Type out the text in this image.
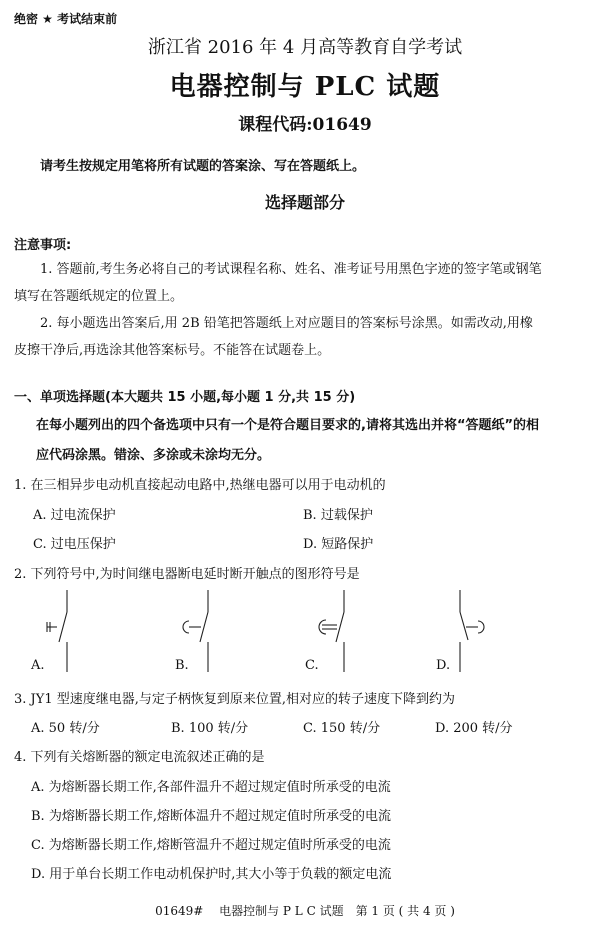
绝密 ★ 考试结束前
浙江省 2016 年 4 月高等教育自学考试
电器控制与 PLC 试题
课程代码:01649
请考生按规定用笔将所有试题的答案涂、写在答题纸上。
选择题部分
注意事项:
1. 答题前,考生务必将自己的考试课程名称、姓名、准考证号用黑色字迹的签字笔或钢笔
填写在答题纸规定的位置上。
2. 每小题选出答案后,用 2B 铅笔把答题纸上对应题目的答案标号涂黑。如需改动,用橡
皮擦干净后,再选涂其他答案标号。不能答在试题卷上。
一、单项选择题(本大题共 15 小题,每小题 1 分,共 15 分)
在每小题列出的四个备选项中只有一个是符合题目要求的,请将其选出并将“答题纸”的相
应代码涂黑。错涂、多涂或未涂均无分。
1. 在三相异步电动机直接起动电路中,热继电器可以用于电动机的
A. 过电流保护	B. 过载保护
C. 过电压保护	D. 短路保护
2. 下列符号中,为时间继电器断电延时断开触点的图形符号是
A.	B.	C.	D.
3. JY1 型速度继电器,与定子柄恢复到原来位置,相对应的转子速度下降到约为
A. 50 转/分	B. 100 转/分	C. 150 转/分	D. 200 转/分
4. 下列有关熔断器的额定电流叙述正确的是
A. 为熔断器长期工作,各部件温升不超过规定值时所承受的电流
B. 为熔断器长期工作,熔断体温升不超过规定值时所承受的电流
C. 为熔断器长期工作,熔断管温升不超过规定值时所承受的电流
D. 用于单台长期工作电动机保护时,其大小等于负载的额定电流
01649#　 电器控制与 P L C 试题　第 1 页 ( 共 4 页 )
